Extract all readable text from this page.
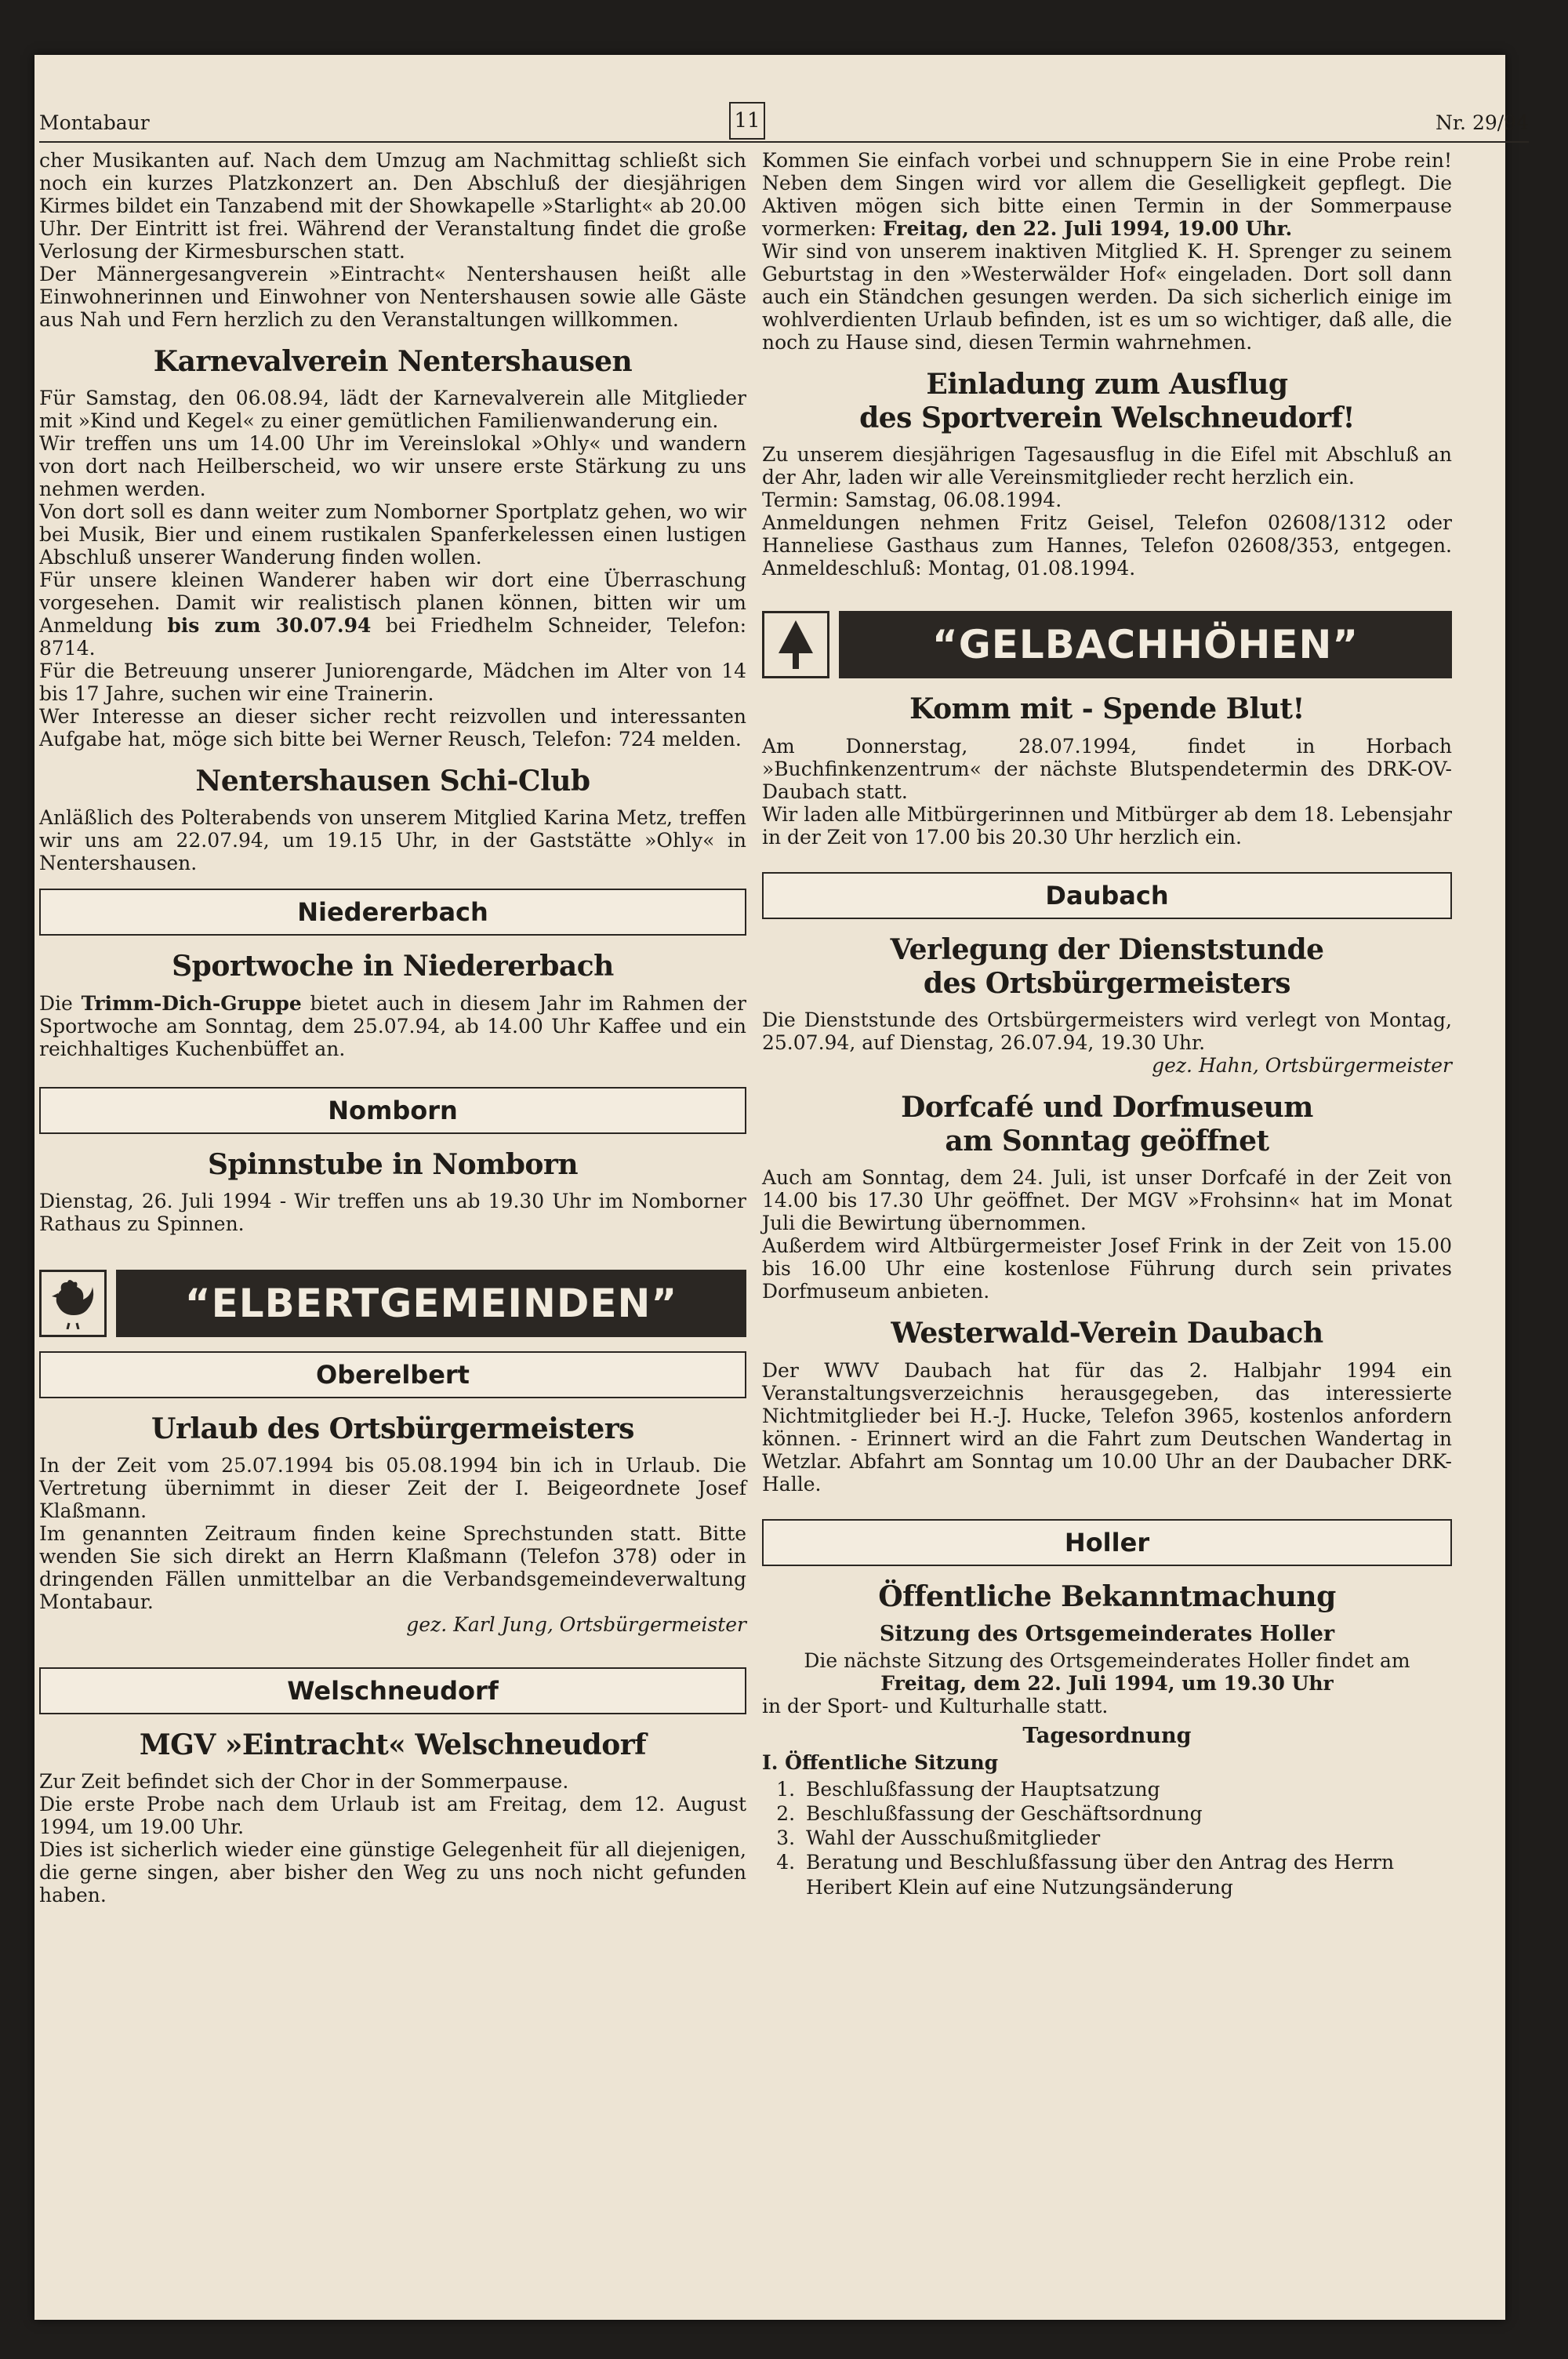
Montabaur	11	Nr. 29/94

cher Musikanten auf. Nach dem Umzug am Nachmittag schließt sich noch ein kurzes Platzkonzert an. Den Abschluß der diesjährigen Kirmes bildet ein Tanzabend mit der Showkapelle »Starlight« ab 20.00 Uhr. Der Eintritt ist frei. Während der Veranstaltung findet die große Verlosung der Kirmesburschen statt.

Der Männergesangverein »Eintracht« Nentershausen heißt alle Einwohnerinnen und Einwohner von Nentershausen sowie alle Gäste aus Nah und Fern herzlich zu den Veranstaltungen willkommen.

Karnevalverein Nentershausen

Für Samstag, den 06.08.94, lädt der Karnevalverein alle Mitglieder mit »Kind und Kegel« zu einer gemütlichen Familienwanderung ein.

Wir treffen uns um 14.00 Uhr im Vereinslokal »Ohly« und wandern von dort nach Heilberscheid, wo wir unsere erste Stärkung zu uns nehmen werden.

Von dort soll es dann weiter zum Nomborner Sportplatz gehen, wo wir bei Musik, Bier und einem rustikalen Spanferkelessen einen lustigen Abschluß unserer Wanderung finden wollen.

Für unsere kleinen Wanderer haben wir dort eine Überraschung vorgesehen. Damit wir realistisch planen können, bitten wir um Anmeldung bis zum 30.07.94 bei Friedhelm Schneider, Telefon: 8714.

Für die Betreuung unserer Juniorengarde, Mädchen im Alter von 14 bis 17 Jahre, suchen wir eine Trainerin.

Wer Interesse an dieser sicher recht reizvollen und interessanten Aufgabe hat, möge sich bitte bei Werner Reusch, Telefon: 724 melden.

Nentershausen Schi-Club

Anläßlich des Polterabends von unserem Mitglied Karina Metz, treffen wir uns am 22.07.94, um 19.15 Uhr, in der Gaststätte »Ohly« in Nentershausen.

Niedererbach
Sportwoche in Niedererbach

Die Trimm-Dich-Gruppe bietet auch in diesem Jahr im Rahmen der Sportwoche am Sonntag, dem 25.07.94, ab 14.00 Uhr Kaffee und ein reichhaltiges Kuchenbüffet an.

Nomborn
Spinnstube in Nomborn

Dienstag, 26. Juli 1994 - Wir treffen uns ab 19.30 Uhr im Nomborner Rathaus zu Spinnen.

“ELBERTGEMEINDEN”
Oberelbert
Urlaub des Ortsbürgermeisters

In der Zeit vom 25.07.1994 bis 05.08.1994 bin ich in Urlaub. Die Vertretung übernimmt in dieser Zeit der I. Beigeordnete Josef Klaßmann.

Im genannten Zeitraum finden keine Sprechstunden statt. Bitte wenden Sie sich direkt an Herrn Klaßmann (Telefon 378) oder in dringenden Fällen unmittelbar an die Verbandsgemeindeverwaltung Montabaur.

gez. Karl Jung, Ortsbürgermeister
Welschneudorf
MGV »Eintracht« Welschneudorf

Zur Zeit befindet sich der Chor in der Sommerpause.

Die erste Probe nach dem Urlaub ist am Freitag, dem 12. August 1994, um 19.00 Uhr.

Dies ist sicherlich wieder eine günstige Gelegenheit für all diejenigen, die gerne singen, aber bisher den Weg zu uns noch nicht gefunden haben.

Kommen Sie einfach vorbei und schnuppern Sie in eine Probe rein! Neben dem Singen wird vor allem die Geselligkeit gepflegt. Die Aktiven mögen sich bitte einen Termin in der Sommerpause vormerken: Freitag, den 22. Juli 1994, 19.00 Uhr.

Wir sind von unserem inaktiven Mitglied K. H. Sprenger zu seinem Geburtstag in den »Westerwälder Hof« eingeladen. Dort soll dann auch ein Ständchen gesungen werden. Da sich sicherlich einige im wohlverdienten Urlaub befinden, ist es um so wichtiger, daß alle, die noch zu Hause sind, diesen Termin wahrnehmen.

Einladung zum Ausflug
des Sportverein Welschneudorf!

Zu unserem diesjährigen Tagesausflug in die Eifel mit Abschluß an der Ahr, laden wir alle Vereinsmitglieder recht herzlich ein.

Termin: Samstag, 06.08.1994.

Anmeldungen nehmen Fritz Geisel, Telefon 02608/1312 oder Hanneliese Gasthaus zum Hannes, Telefon 02608/353, entgegen. Anmeldeschluß: Montag, 01.08.1994.

“GELBACHHÖHEN”
Komm mit - Spende Blut!

Am Donnerstag, 28.07.1994, findet in Horbach »Buchfinkenzentrum« der nächste Blutspendetermin des DRK-OV-Daubach statt.

Wir laden alle Mitbürgerinnen und Mitbürger ab dem 18. Lebensjahr in der Zeit von 17.00 bis 20.30 Uhr herzlich ein.

Daubach
Verlegung der Dienststunde
des Ortsbürgermeisters

Die Dienststunde des Ortsbürgermeisters wird verlegt von Montag, 25.07.94, auf Dienstag, 26.07.94, 19.30 Uhr.

gez. Hahn, Ortsbürgermeister
Dorfcafé und Dorfmuseum
am Sonntag geöffnet

Auch am Sonntag, dem 24. Juli, ist unser Dorfcafé in der Zeit von 14.00 bis 17.30 Uhr geöffnet. Der MGV »Frohsinn« hat im Monat Juli die Bewirtung übernommen.

Außerdem wird Altbürgermeister Josef Frink in der Zeit von 15.00 bis 16.00 Uhr eine kostenlose Führung durch sein privates Dorfmuseum anbieten.

Westerwald-Verein Daubach

Der WWV Daubach hat für das 2. Halbjahr 1994 ein Veranstaltungsverzeichnis herausgegeben, das interessierte Nichtmitglieder bei H.-J. Hucke, Telefon 3965, kostenlos anfordern können. - Erinnert wird an die Fahrt zum Deutschen Wandertag in Wetzlar. Abfahrt am Sonntag um 10.00 Uhr an der Daubacher DRK-Halle.

Holler
Öffentliche Bekanntmachung
Sitzung des Ortsgemeinderates Holler

Die nächste Sitzung des Ortsgemeinderates Holler findet am

Freitag, dem 22. Juli 1994, um 19.30 Uhr

in der Sport- und Kulturhalle statt.

Tagesordnung

I. Öffentliche Sitzung

1. Beschlußfassung der Hauptsatzung
2. Beschlußfassung der Geschäftsordnung
3. Wahl der Ausschußmitglieder
4. Beratung und Beschlußfassung über den Antrag des Herrn Heribert Klein auf eine Nutzungsänderung
